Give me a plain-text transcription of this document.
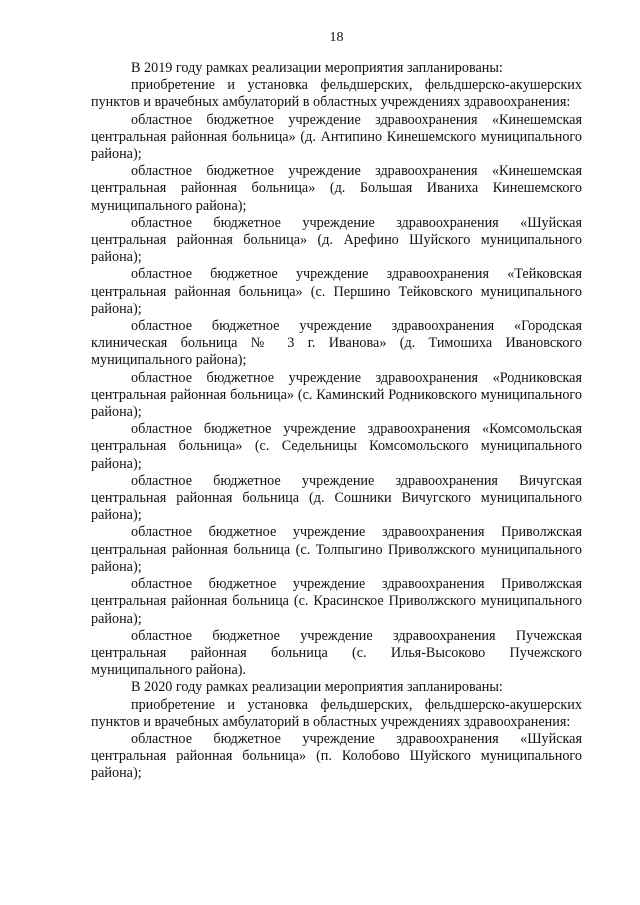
18

В 2019 году рамках реализации мероприятия запланированы:

приобретение и установка фельдшерских, фельдшерско-акушерских пунктов и врачебных амбулаторий в областных учреждениях здравоохранения:

областное бюджетное учреждение здравоохранения «Кинешемская центральная районная больница» (д. Антипино Кинешемского муниципального района);

областное бюджетное учреждение здравоохранения «Кинешемская центральная районная больница» (д. Большая Иваниха Кинешемского муниципального района);

областное бюджетное учреждение здравоохранения «Шуйская центральная районная больница» (д. Арефино Шуйского муниципального района);

областное бюджетное учреждение здравоохранения «Тейковская центральная районная больница» (с. Першино Тейковского муниципального района);

областное бюджетное учреждение здравоохранения «Городская клиническая больница № 3 г. Иванова» (д. Тимошиха Ивановского муниципального района);

областное бюджетное учреждение здравоохранения «Родниковская центральная районная больница» (с. Каминский Родниковского муниципального района);

областное бюджетное учреждение здравоохранения «Комсомольская центральная больница» (с. Седельницы Комсомольского муниципального района);

областное бюджетное учреждение здравоохранения Вичугская центральная районная больница (д. Сошники Вичугского муниципального района);

областное бюджетное учреждение здравоохранения Приволжская центральная районная больница (с. Толпыгино Приволжского муниципального района);

областное бюджетное учреждение здравоохранения Приволжская центральная районная больница (с. Красинское Приволжского муниципального района);

областное бюджетное учреждение здравоохранения Пучежская центральная районная больница (с. Илья-Высоково Пучежского муниципального района).

В 2020 году рамках реализации мероприятия запланированы:

приобретение и установка фельдшерских, фельдшерско-акушерских пунктов и врачебных амбулаторий в областных учреждениях здравоохранения:

областное бюджетное учреждение здравоохранения «Шуйская центральная районная больница» (п. Колобово Шуйского муниципального района);
